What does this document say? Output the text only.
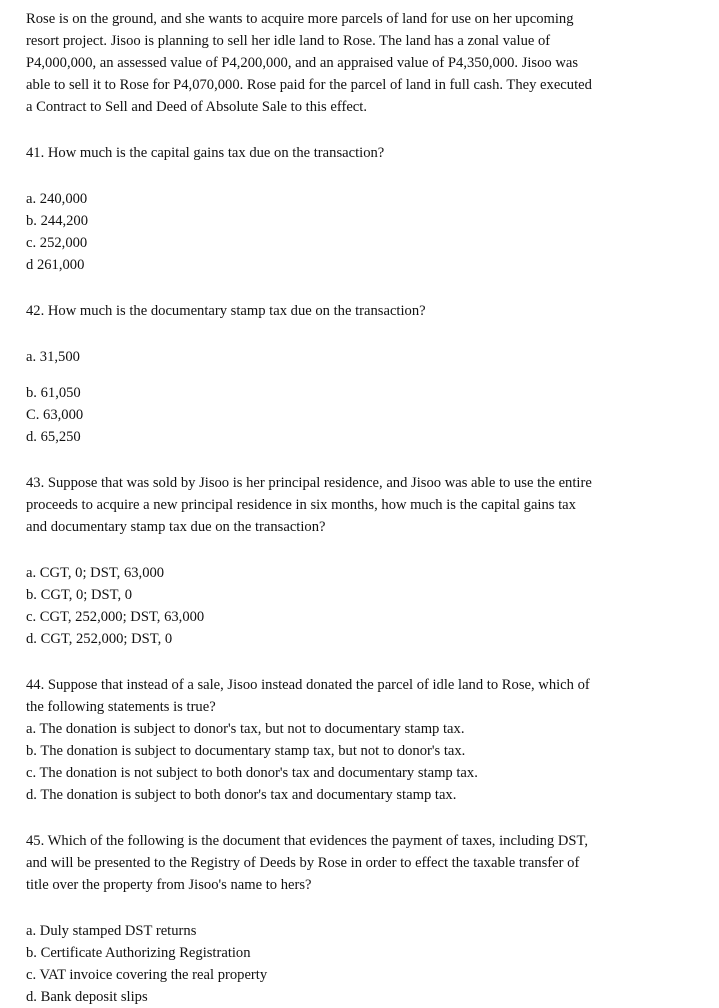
Rose is on the ground, and she wants to acquire more parcels of land for use on her upcoming
resort project. Jisoo is planning to sell her idle land to Rose. The land has a zonal value of
P4,000,000, an assessed value of P4,200,000, and an appraised value of P4,350,000. Jisoo was
able to sell it to Rose for P4,070,000. Rose paid for the parcel of land in full cash. They executed
a Contract to Sell and Deed of Absolute Sale to this effect.
41. How much is the capital gains tax due on the transaction?
a. 240,000
b. 244,200
c. 252,000
d 261,000
42. How much is the documentary stamp tax due on the transaction?
a. 31,500
b. 61,050
C. 63,000
d. 65,250
43. Suppose that was sold by Jisoo is her principal residence, and Jisoo was able to use the entire
proceeds to acquire a new principal residence in six months, how much is the capital gains tax
and documentary stamp tax due on the transaction?
a. CGT, 0; DST, 63,000
b. CGT, 0; DST, 0
c. CGT, 252,000; DST, 63,000
d. CGT, 252,000; DST, 0
44. Suppose that instead of a sale, Jisoo instead donated the parcel of idle land to Rose, which of
the following statements is true?
a. The donation is subject to donor's tax, but not to documentary stamp tax.
b. The donation is subject to documentary stamp tax, but not to donor's tax.
c. The donation is not subject to both donor's tax and documentary stamp tax.
d. The donation is subject to both donor's tax and documentary stamp tax.
45. Which of the following is the document that evidences the payment of taxes, including DST,
and will be presented to the Registry of Deeds by Rose in order to effect the taxable transfer of
title over the property from Jisoo's name to hers?
a. Duly stamped DST returns
b. Certificate Authorizing Registration
c. VAT invoice covering the real property
d. Bank deposit slips
